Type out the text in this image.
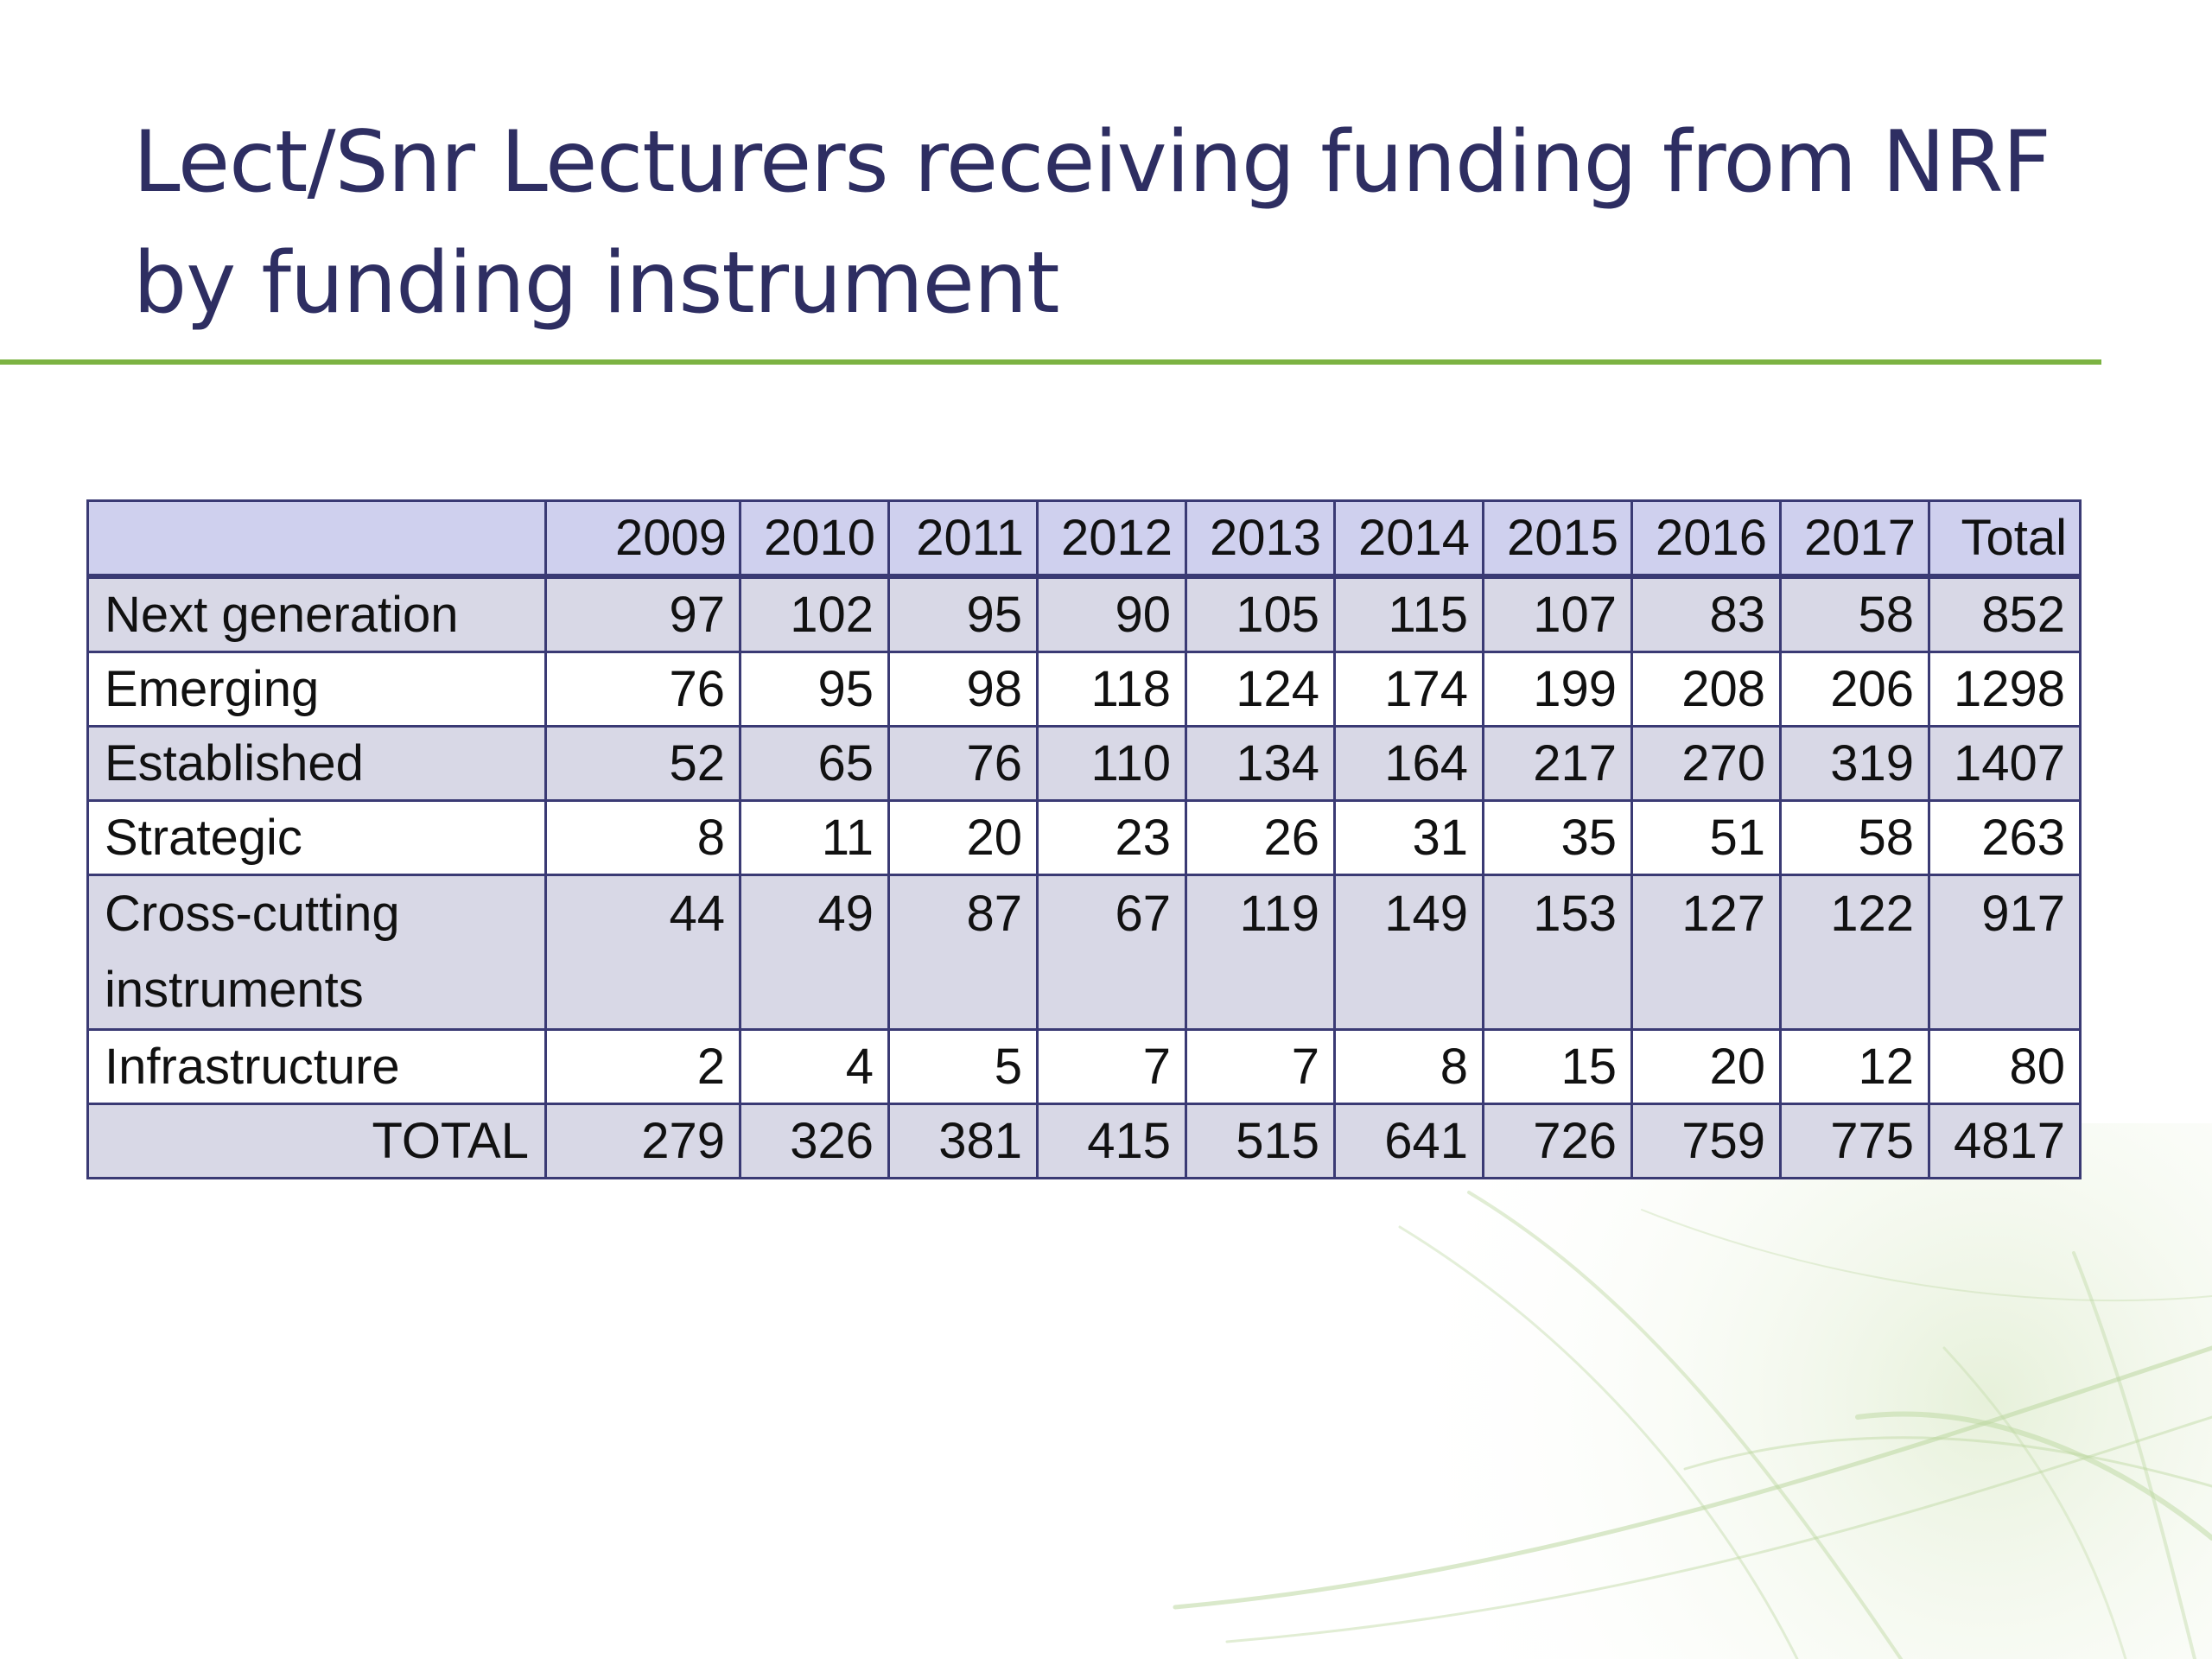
Lect/Snr Lecturers receiving funding from NRF
by funding instrument
	2009	2010	2011	2012	2013	2014	2015	2016	2017	Total
Next generation	97	102	95	90	105	115	107	83	58	852
Emerging	76	95	98	118	124	174	199	208	206	1298
Established	52	65	76	110	134	164	217	270	319	1407
Strategic	8	11	20	23	26	31	35	51	58	263
Cross-cutting instruments	44	49	87	67	119	149	153	127	122	917
Infrastructure	2	4	5	7	7	8	15	20	12	80
TOTAL	279	326	381	415	515	641	726	759	775	4817
